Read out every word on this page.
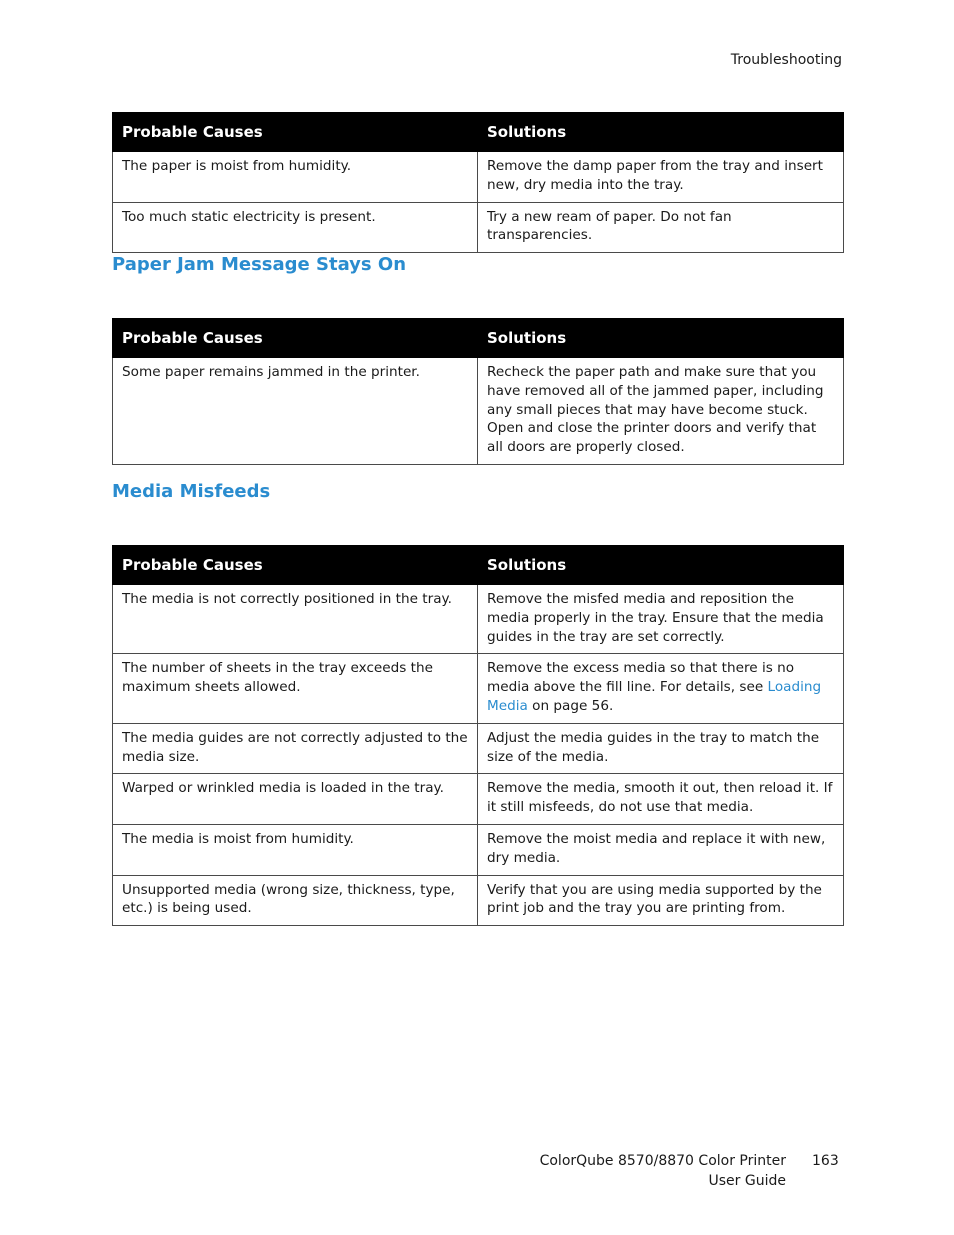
Troubleshooting
Probable Causes	Solutions
The paper is moist from humidity.	Remove the damp paper from the tray and insert new, dry media into the tray.
Too much static electricity is present.	Try a new ream of paper. Do not fan transparencies.
Paper Jam Message Stays On
Probable Causes	Solutions
Some paper remains jammed in the printer.	Recheck the paper path and make sure that you have removed all of the jammed paper, including any small pieces that may have become stuck. Open and close the printer doors and verify that all doors are properly closed.
Media Misfeeds
Probable Causes	Solutions
The media is not correctly positioned in the tray.	Remove the misfed media and reposition the media properly in the tray. Ensure that the media guides in the tray are set correctly.
The number of sheets in the tray exceeds the maximum sheets allowed.	Remove the excess media so that there is no media above the fill line. For details, see Loading Media on page 56.
The media guides are not correctly adjusted to the media size.	Adjust the media guides in the tray to match the size of the media.
Warped or wrinkled media is loaded in the tray.	Remove the media, smooth it out, then reload it. If it still misfeeds, do not use that media.
The media is moist from humidity.	Remove the moist media and replace it with new, dry media.
Unsupported media (wrong size, thickness, type, etc.) is being used.	Verify that you are using media supported by the print job and the tray you are printing from.
ColorQube 8570/8870 Color Printer
User Guide
163
